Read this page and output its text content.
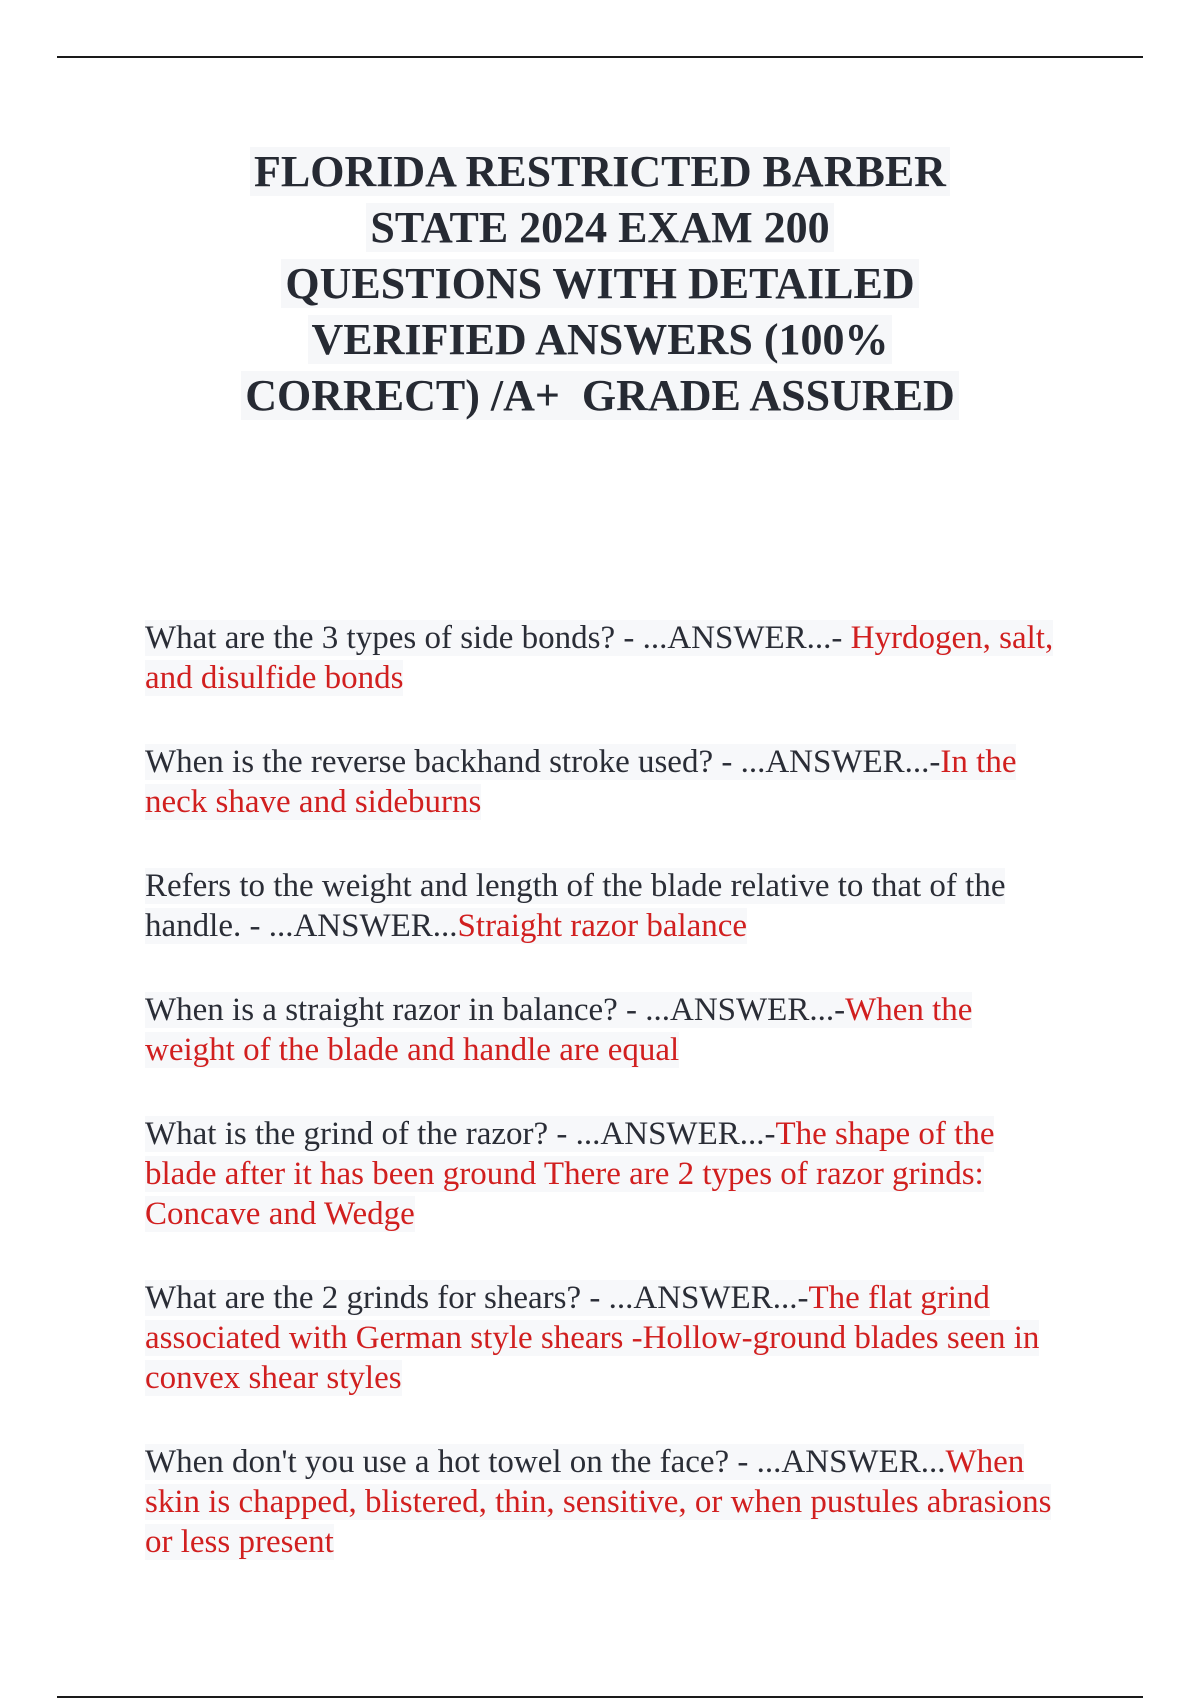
FLORIDA RESTRICTED BARBER
STATE 2024 EXAM 200
QUESTIONS WITH DETAILED
VERIFIED ANSWERS (100%
CORRECT) /A+  GRADE ASSURED
What are the 3 types of side bonds? - ...ANSWER...- Hyrdogen, salt, and disulfide bonds
When is the reverse backhand stroke used? - ...ANSWER...-In the neck shave and sideburns
Refers to the weight and length of the blade relative to that of the handle. - ...ANSWER...Straight razor balance
When is a straight razor in balance? - ...ANSWER...-When the weight of the blade and handle are equal
What is the grind of the razor? - ...ANSWER...-The shape of the blade after it has been ground There are 2 types of razor grinds: Concave and Wedge
What are the 2 grinds for shears? - ...ANSWER...-The flat grind associated with German style shears -Hollow-ground blades seen in convex shear styles
When don't you use a hot towel on the face? - ...ANSWER...When skin is chapped, blistered, thin, sensitive, or when pustules abrasions or less present
